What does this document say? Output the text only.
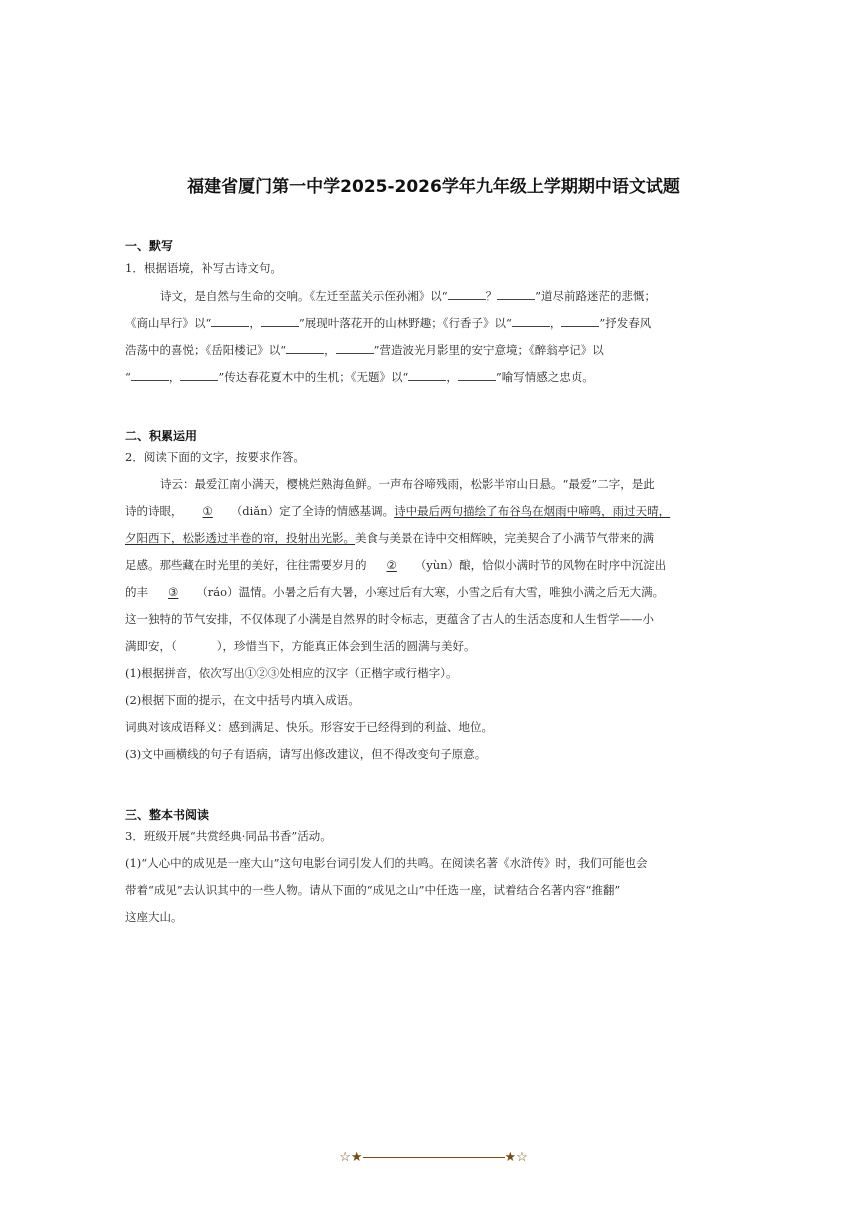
福建省厦门第一中学2025-2026学年九年级上学期期中语文试题
一、默写
1．根据语境，补写古诗文句。
诗文，是自然与生命的交响。《左迁至蓝关示侄孙湘》以“	？	”道尽前路迷茫的悲慨；
《商山早行》以“	，	”展现叶落花开的山林野趣；《行香子》以“	，	”抒发春风
浩荡中的喜悦；《岳阳楼记》以“	，	”营造波光月影里的安宁意境；《醉翁亭记》以
“	，	”传达春花夏木中的生机；《无题》以“	，	”喻写情感之忠贞。
二、积累运用
2．阅读下面的文字，按要求作答。
诗云：最爱江南小满天，樱桃烂熟海鱼鲜。一声布谷啼残雨，松影半帘山日悬。“最爱”二字，是此
诗的诗眼， ① （diǎn）定了全诗的情感基调。诗中最后两句描绘了布谷鸟在烟雨中啼鸣，雨过天晴，
夕阳西下，松影透过半卷的帘，投射出光影。美食与美景在诗中交相辉映，完美契合了小满节气带来的满
足感。那些藏在时光里的美好，往往需要岁月的 ② （yùn）酿，恰似小满时节的风物在时序中沉淀出
的丰 ③ （ráo）温情。小暑之后有大暑，小寒过后有大寒，小雪之后有大雪，唯独小满之后无大满。
这一独特的节气安排，不仅体现了小满是自然界的时令标志，更蕴含了古人的生活态度和人生哲学——小
满即安，（	），珍惜当下，方能真正体会到生活的圆满与美好。
(1)根据拼音，依次写出①②③处相应的汉字（正楷字或行楷字）。
(2)根据下面的提示，在文中括号内填入成语。
词典对该成语释义：感到满足、快乐。形容安于已经得到的利益、地位。
(3)文中画横线的句子有语病，请写出修改建议，但不得改变句子原意。
三、整本书阅读
3．班级开展“共赏经典·同品书香”活动。
(1)“人心中的成见是一座大山”这句电影台词引发人们的共鸣。在阅读名著《水浒传》时，我们可能也会
带着“成见”去认识其中的一些人物。请从下面的“成见之山”中任选一座，试着结合名著内容“推翻”
这座大山。
☆★	★☆
